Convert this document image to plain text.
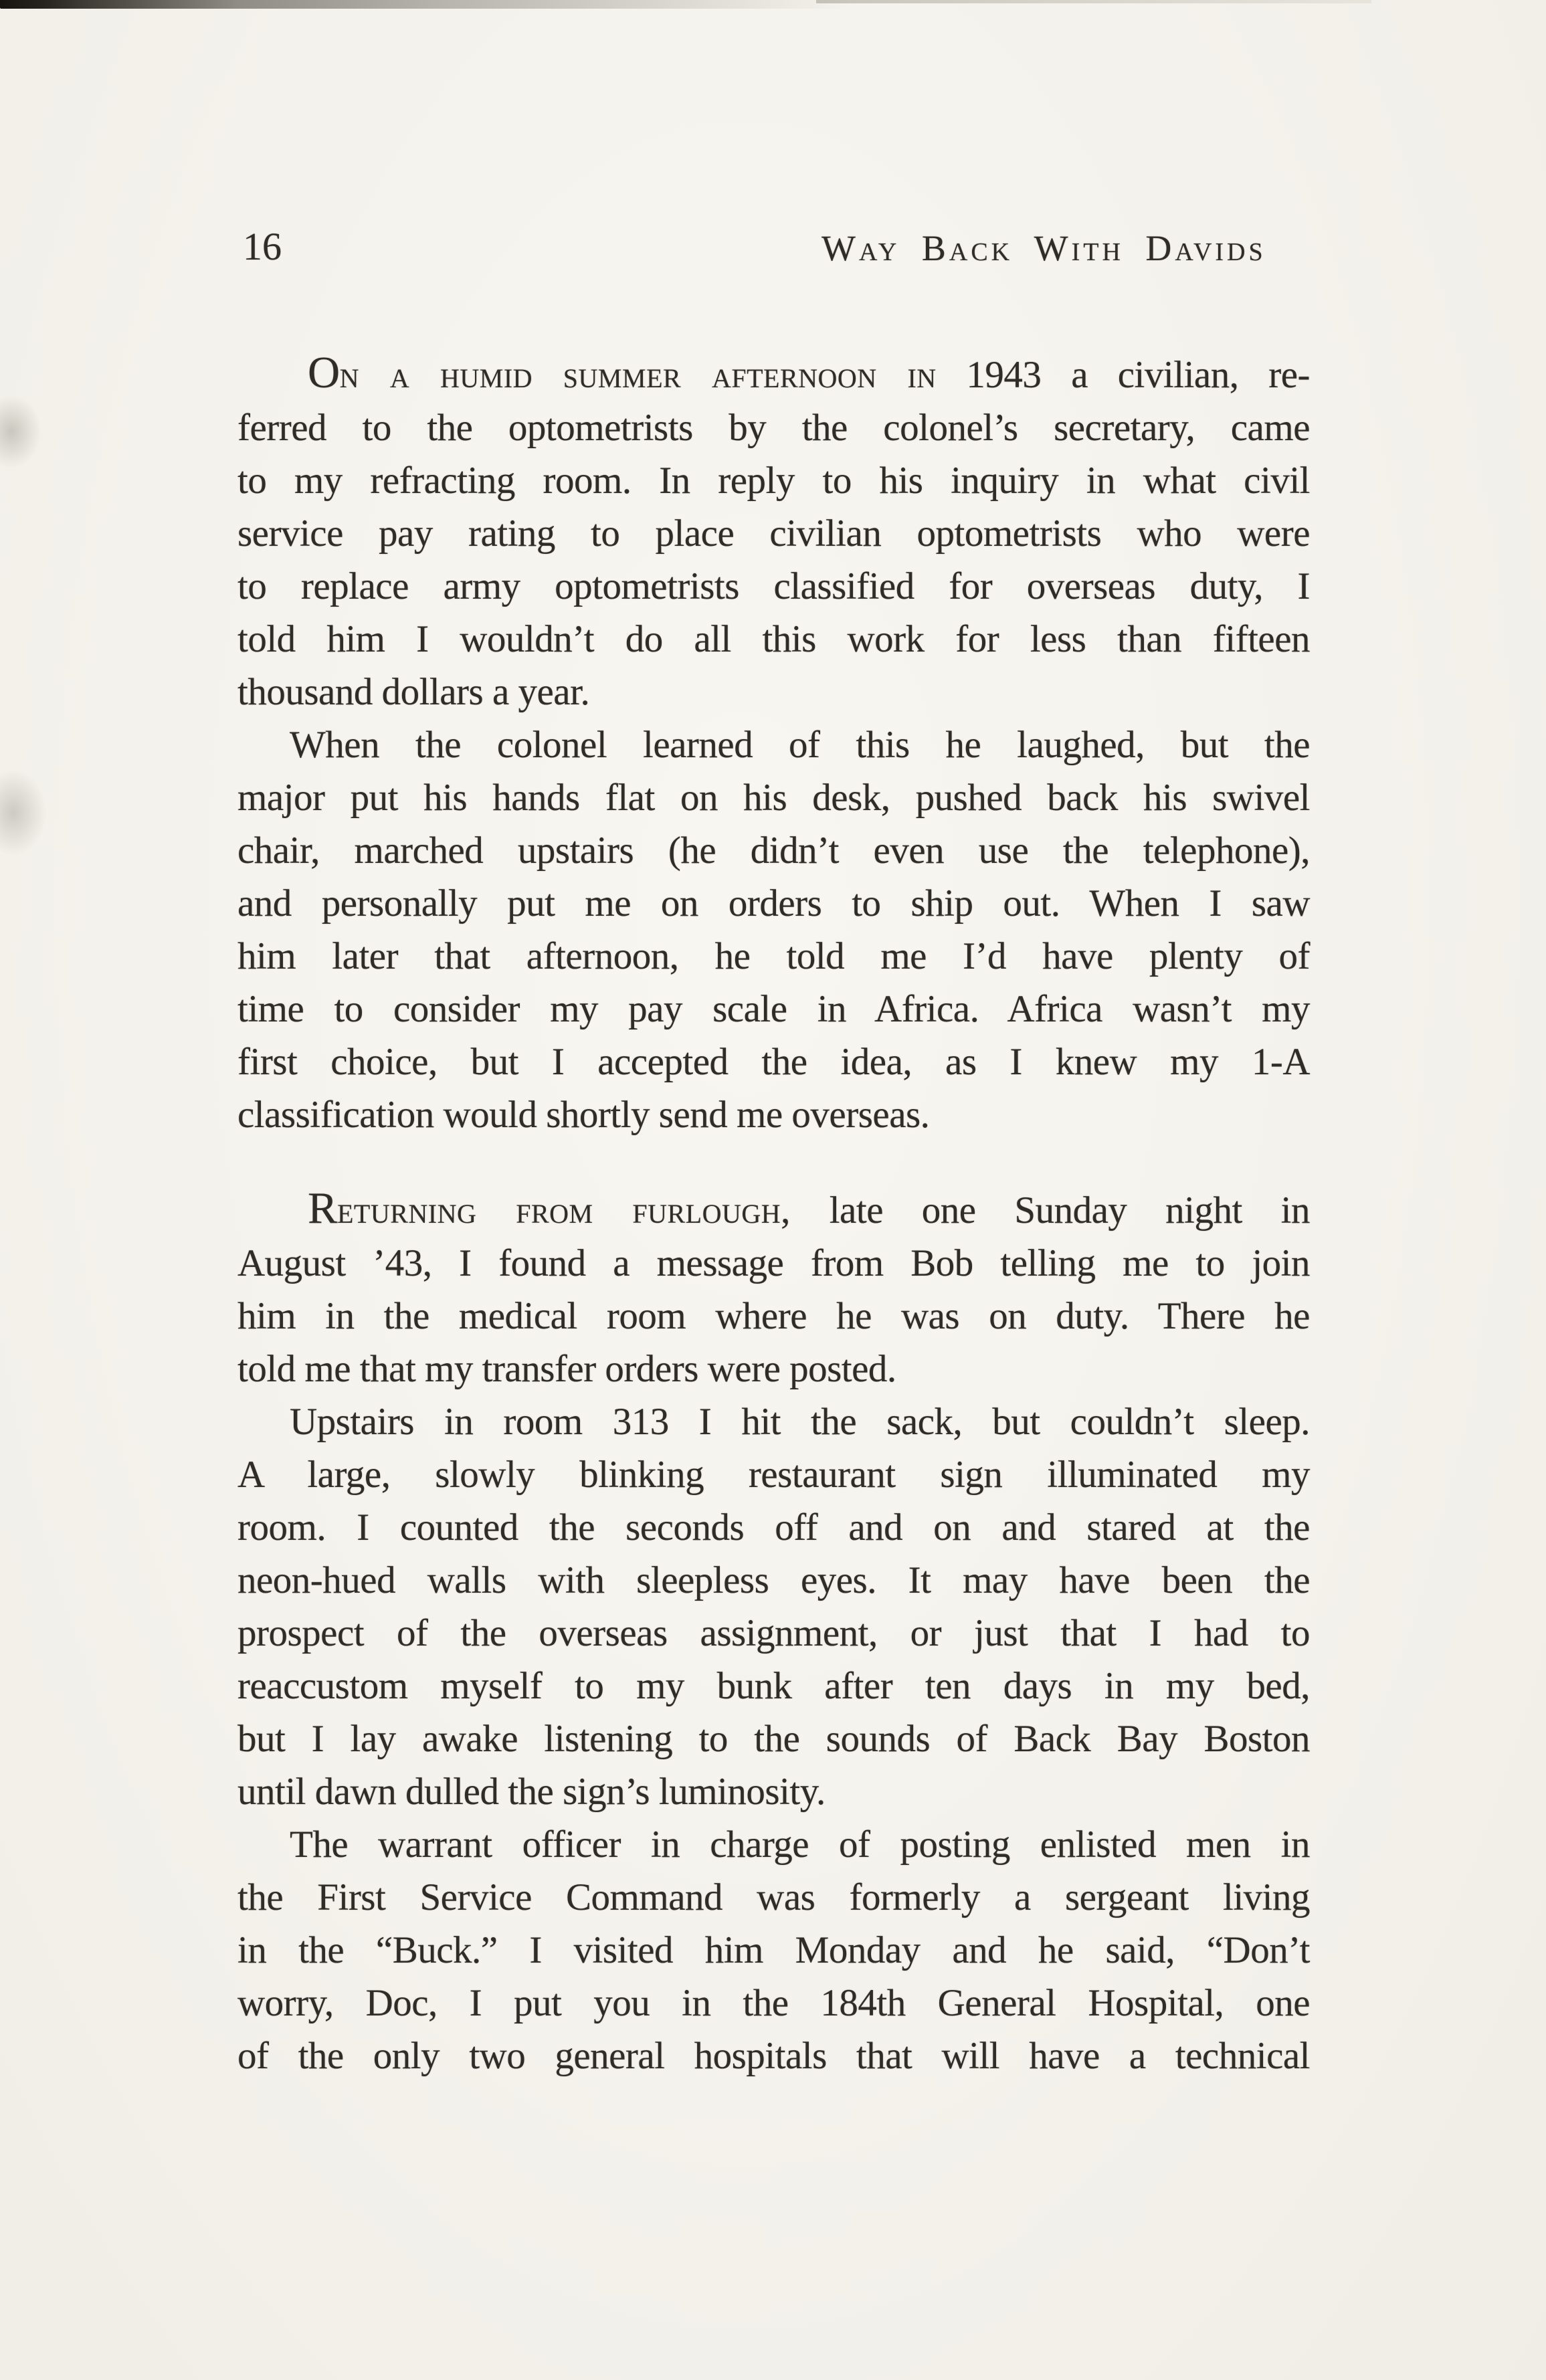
16	Way Back With Davids
On a humid summer afternoon in 1943 a civilian, re-
ferred to the optometrists by the colonel’s secretary, came
to my refracting room. In reply to his inquiry in what civil
service pay rating to place civilian optometrists who were
to replace army optometrists classified for overseas duty, I
told him I wouldn’t do all this work for less than fifteen
thousand dollars a year.
When the colonel learned of this he laughed, but the
major put his hands flat on his desk, pushed back his swivel
chair, marched upstairs (he didn’t even use the telephone),
and personally put me on orders to ship out. When I saw
him later that afternoon, he told me I’d have plenty of
time to consider my pay scale in Africa. Africa wasn’t my
first choice, but I accepted the idea, as I knew my 1-A
classification would shortly send me overseas.
Returning from furlough, late one Sunday night in
August ’43, I found a message from Bob telling me to join
him in the medical room where he was on duty. There he
told me that my transfer orders were posted.
Upstairs in room 313 I hit the sack, but couldn’t sleep.
A large, slowly blinking restaurant sign illuminated my
room. I counted the seconds off and on and stared at the
neon-hued walls with sleepless eyes. It may have been the
prospect of the overseas assignment, or just that I had to
reaccustom myself to my bunk after ten days in my bed,
but I lay awake listening to the sounds of Back Bay Boston
until dawn dulled the sign’s luminosity.
The warrant officer in charge of posting enlisted men in
the First Service Command was formerly a sergeant living
in the “Buck.” I visited him Monday and he said, “Don’t
worry, Doc, I put you in the 184th General Hospital, one
of the only two general hospitals that will have a technical
